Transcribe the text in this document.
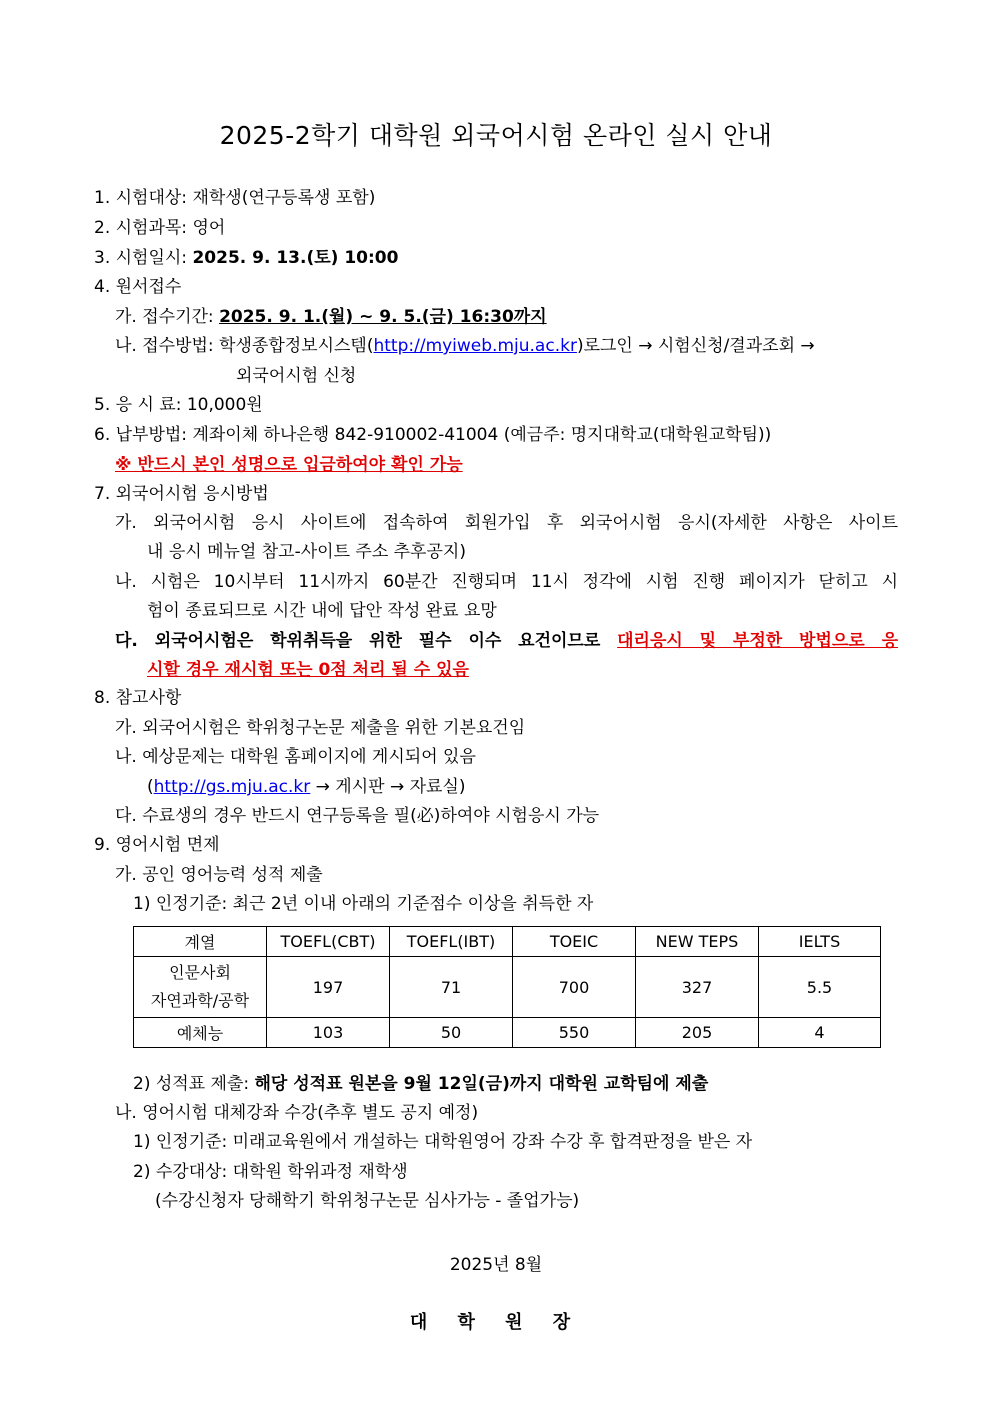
2025-2학기 대학원 외국어시험 온라인 실시 안내
1. 시험대상: 재학생(연구등록생 포함)
2. 시험과목: 영어
3. 시험일시: 2025. 9. 13.(토) 10:00
4. 원서접수
가. 접수기간: 2025. 9. 1.(월) ~ 9. 5.(금) 16:30까지
나. 접수방법: 학생종합정보시스템(http://myiweb.mju.ac.kr)로그인 → 시험신청/결과조회 →
외국어시험 신청
5. 응 시 료: 10,000원
6. 납부방법: 계좌이체 하나은행 842-910002-41004 (예금주: 명지대학교(대학원교학팀))
※ 반드시 본인 성명으로 입금하여야 확인 가능
7. 외국어시험 응시방법
가. 외국어시험 응시 사이트에 접속하여 회원가입 후 외국어시험 응시(자세한 사항은 사이트
내 응시 메뉴얼 참고-사이트 주소 추후공지)
나. 시험은 10시부터 11시까지 60분간 진행되며 11시 정각에 시험 진행 페이지가 닫히고 시
험이 종료되므로 시간 내에 답안 작성 완료 요망
다. 외국어시험은 학위취득을 위한 필수 이수 요건이므로 대리응시 및 부정한 방법으로 응
시할 경우 재시험 또는 0점 처리 될 수 있음
8. 참고사항
가. 외국어시험은 학위청구논문 제출을 위한 기본요건임
나. 예상문제는 대학원 홈페이지에 게시되어 있음
(http://gs.mju.ac.kr → 게시판 → 자료실)
다. 수료생의 경우 반드시 연구등록을 필(必)하여야 시험응시 가능
9. 영어시험 면제
가. 공인 영어능력 성적 제출
1) 인정기준: 최근 2년 이내 아래의 기준점수 이상을 취득한 자
계열	TOEFL(CBT)	TOEFL(IBT)	TOEIC	NEW TEPS	IELTS

인문사회
자연과학/공학	197	71	700	327	5.5
예체능	103	50	550	205	4
2) 성적표 제출: 해당 성적표 원본을 9월 12일(금)까지 대학원 교학팀에 제출
나. 영어시험 대체강좌 수강(추후 별도 공지 예정)
1) 인정기준: 미래교육원에서 개설하는 대학원영어 강좌 수강 후 합격판정을 받은 자
2) 수강대상: 대학원 학위과정 재학생
(수강신청자 당해학기 학위청구논문 심사가능 - 졸업가능)
2025년 8월
대 학 원 장
